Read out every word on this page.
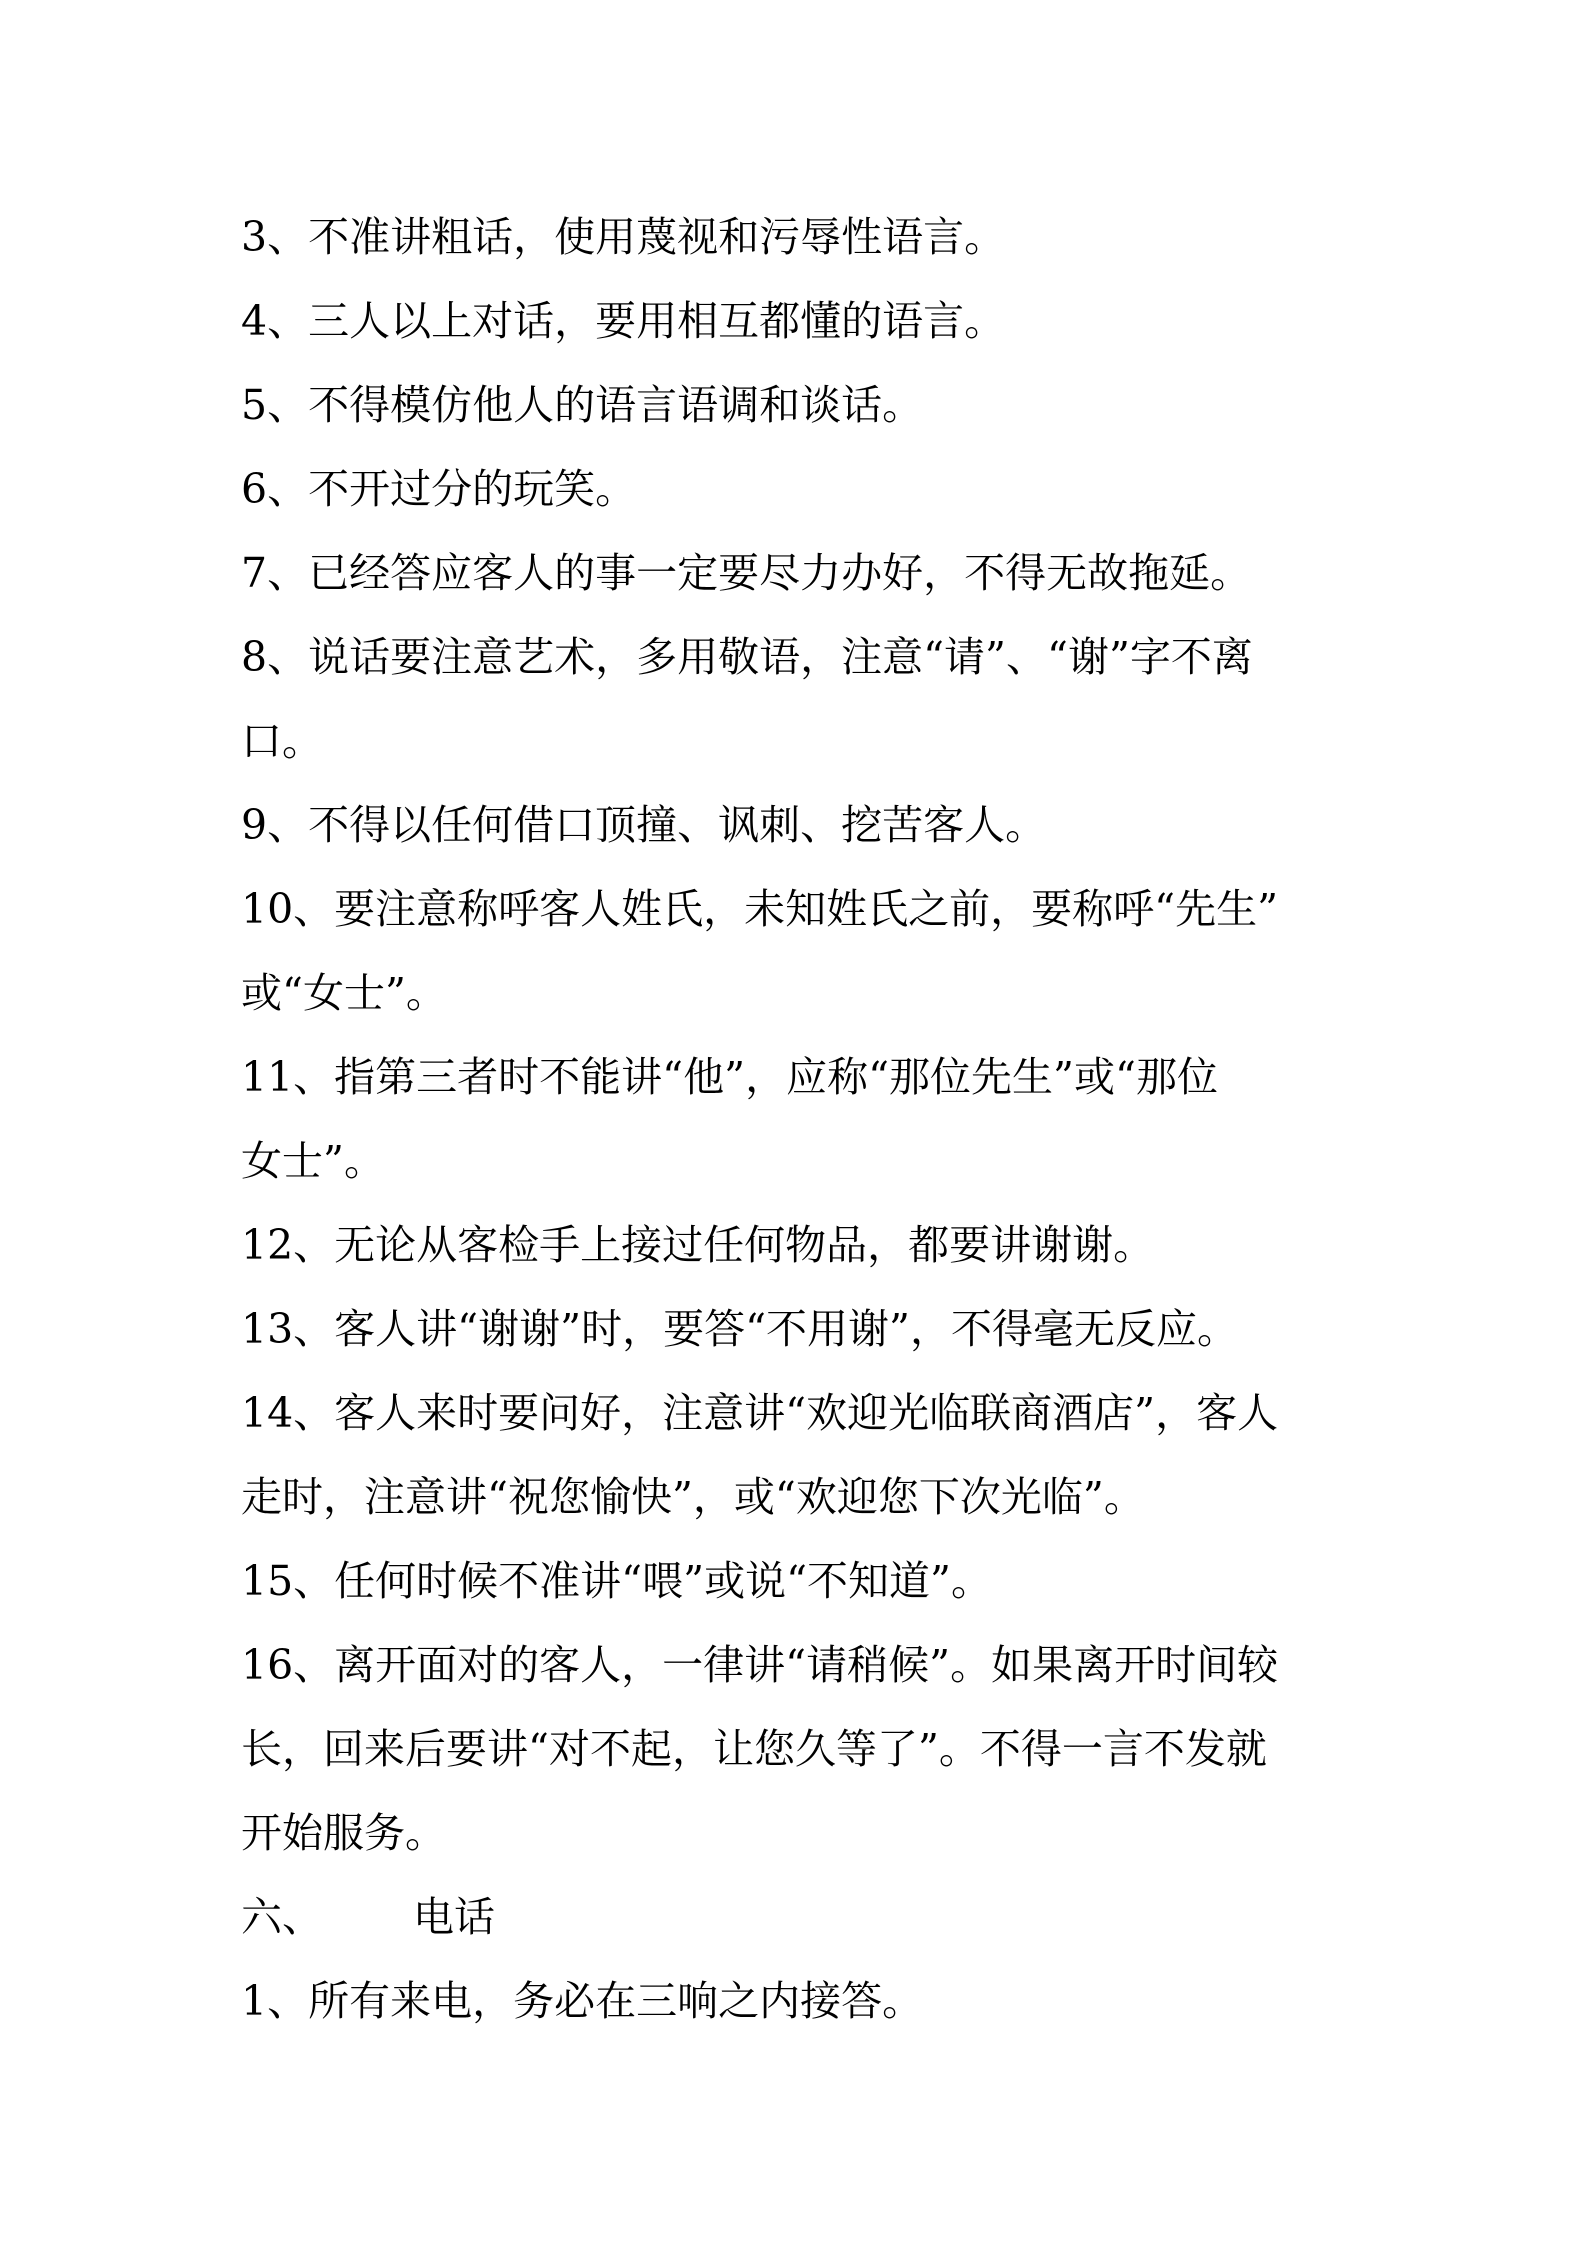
3、不准讲粗话，使用蔑视和污辱性语言。
4、三人以上对话，要用相互都懂的语言。
5、不得模仿他人的语言语调和谈话。
6、不开过分的玩笑。
7、已经答应客人的事一定要尽力办好，不得无故拖延。
8、说话要注意艺术，多用敬语，注意“请”、“谢”字不离
口。
9、不得以任何借口顶撞、讽刺、挖苦客人。
10、要注意称呼客人姓氏，未知姓氏之前，要称呼“先生”
或“女士”。
11、指第三者时不能讲“他”，应称“那位先生”或“那位
女士”。
12、无论从客检手上接过任何物品，都要讲谢谢。
13、客人讲“谢谢”时，要答“不用谢”，不得毫无反应。
14、客人来时要问好，注意讲“欢迎光临联商酒店”，客人
走时，注意讲“祝您愉快”，或“欢迎您下次光临”。
15、任何时候不准讲“喂”或说“不知道”。
16、离开面对的客人，一律讲“请稍候”。如果离开时间较
长，回来后要讲“对不起，让您久等了”。不得一言不发就
开始服务。
六、 电话
1、所有来电，务必在三响之内接答。
